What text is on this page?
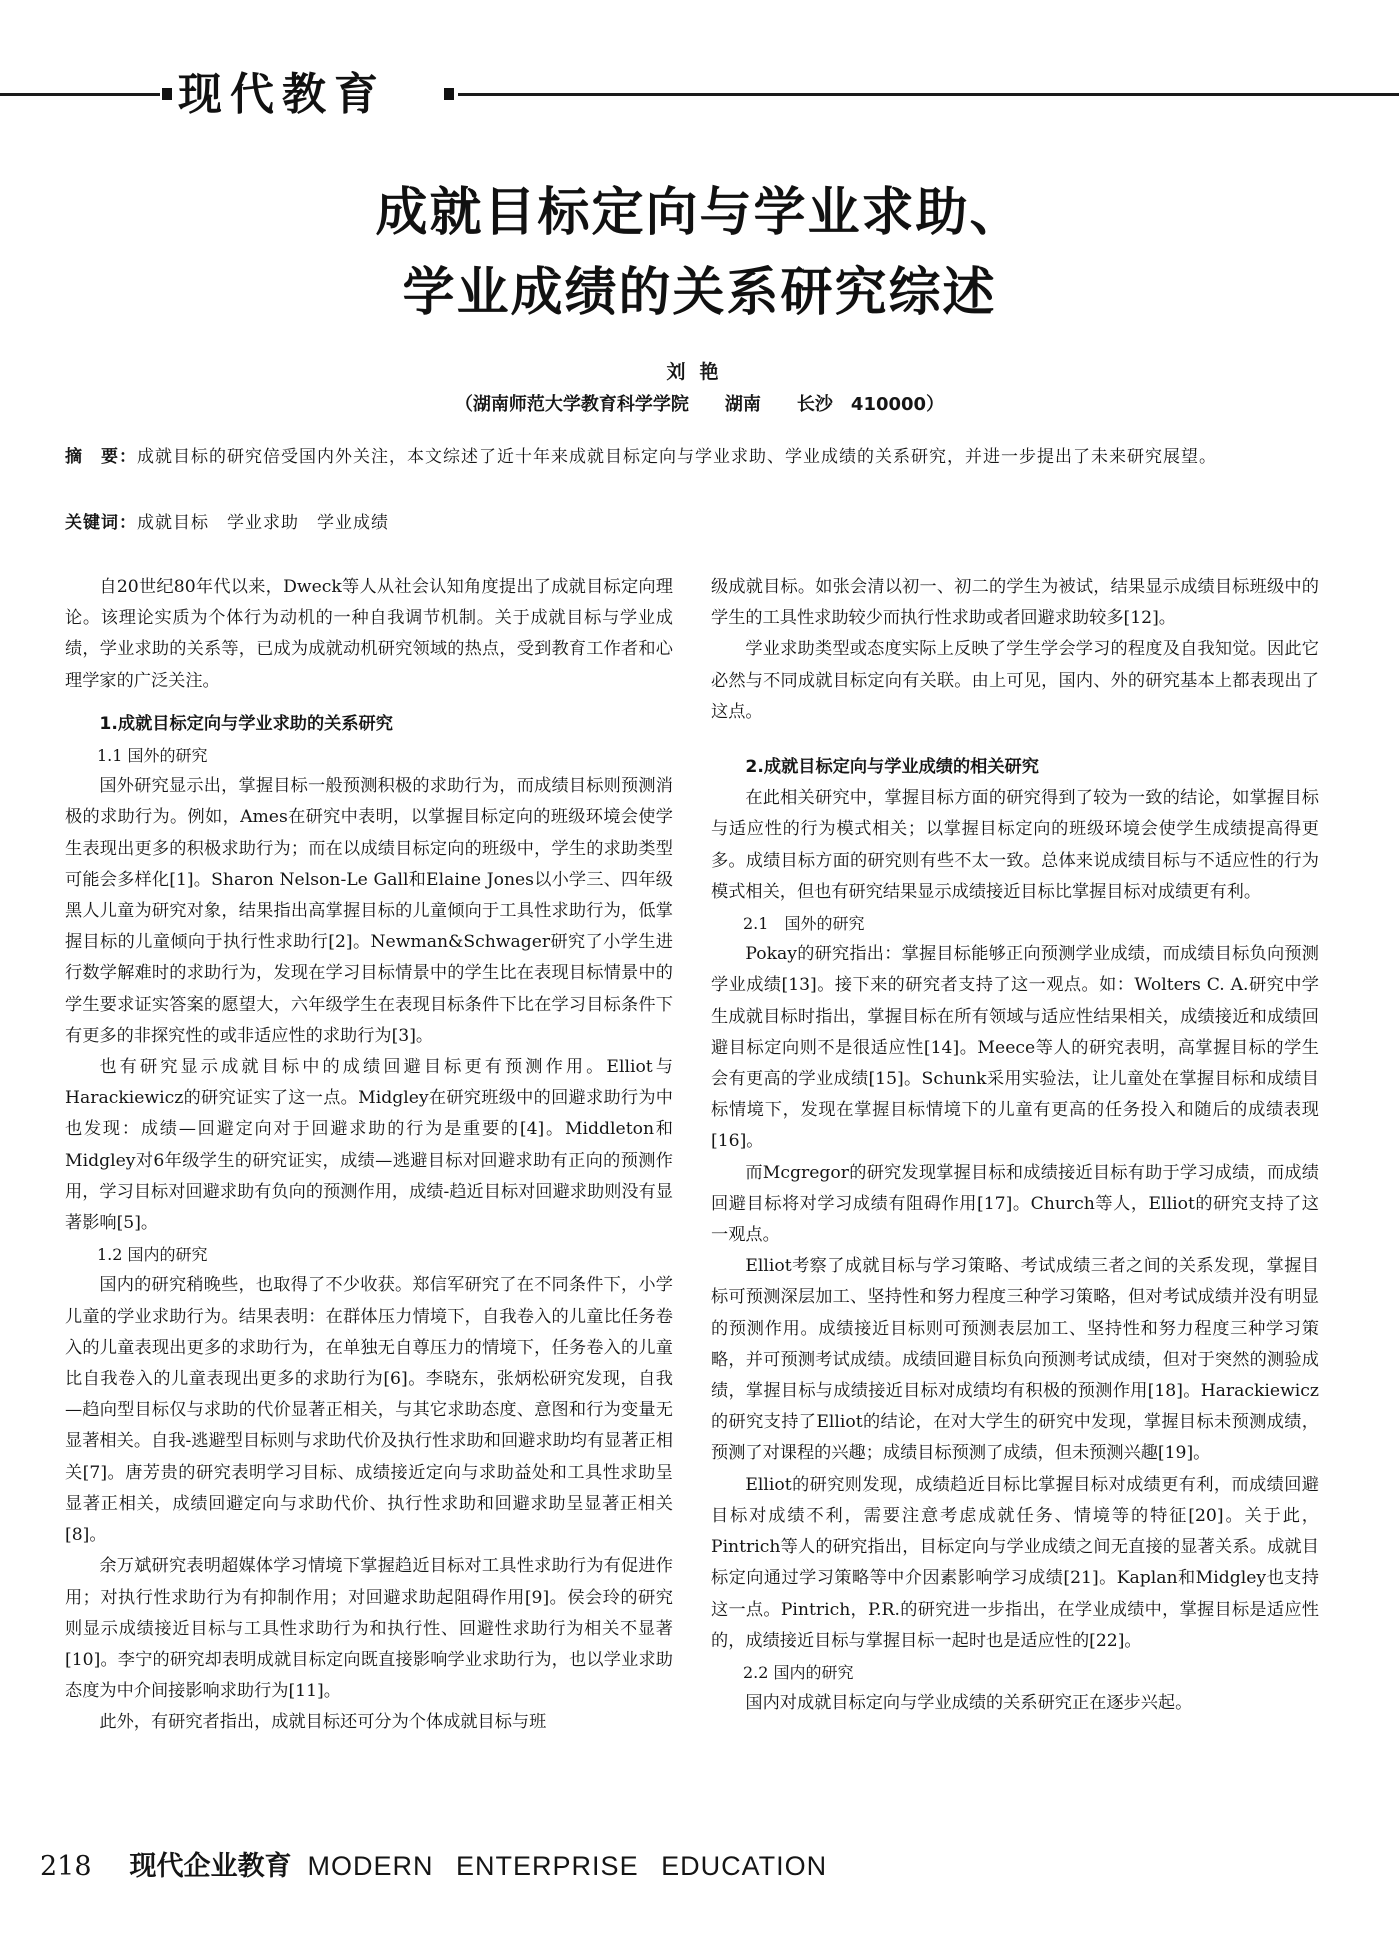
现代教育
成就目标定向与学业求助、
学业成绩的关系研究综述
刘艳
（湖南师范大学教育科学学院　　湖南　　长沙　410000）
摘　要：成就目标的研究倍受国内外关注，本文综述了近十年来成就目标定向与学业求助、学业成绩的关系研究，并进一步提出了未来研究展望。
关键词：成就目标　学业求助　学业成绩

自20世纪80年代以来，Dweck等人从社会认知角度提出了成就目标定向理论。该理论实质为个体行为动机的一种自我调节机制。关于成就目标与学业成绩，学业求助的关系等，已成为成就动机研究领域的热点，受到教育工作者和心理学家的广泛关注。

1.成就目标定向与学业求助的关系研究
1.1 国外的研究

国外研究显示出，掌握目标一般预测积极的求助行为，而成绩目标则预测消极的求助行为。例如，Ames在研究中表明，以掌握目标定向的班级环境会使学生表现出更多的积极求助行为；而在以成绩目标定向的班级中，学生的求助类型可能会多样化[1]。Sharon Nelson-Le Gall和Elaine Jones以小学三、四年级黑人儿童为研究对象，结果指出高掌握目标的儿童倾向于工具性求助行为，低掌握目标的儿童倾向于执行性求助行[2]。Newman&Schwager研究了小学生进行数学解难时的求助行为，发现在学习目标情景中的学生比在表现目标情景中的学生要求证实答案的愿望大，六年级学生在表现目标条件下比在学习目标条件下有更多的非探究性的或非适应性的求助行为[3]。

也有研究显示成就目标中的成绩回避目标更有预测作用。Elliot与Harackiewicz的研究证实了这一点。Midgley在研究班级中的回避求助行为中也发现：成绩—回避定向对于回避求助的行为是重要的[4]。Middleton和Midgley对6年级学生的研究证实，成绩—逃避目标对回避求助有正向的预测作用，学习目标对回避求助有负向的预测作用，成绩-趋近目标对回避求助则没有显著影响[5]。

1.2 国内的研究

国内的研究稍晚些，也取得了不少收获。郑信军研究了在不同条件下，小学儿童的学业求助行为。结果表明：在群体压力情境下，自我卷入的儿童比任务卷入的儿童表现出更多的求助行为，在单独无自尊压力的情境下，任务卷入的儿童比自我卷入的儿童表现出更多的求助行为[6]。李晓东，张炳松研究发现，自我—趋向型目标仅与求助的代价显著正相关，与其它求助态度、意图和行为变量无显著相关。自我-逃避型目标则与求助代价及执行性求助和回避求助均有显著正相关[7]。唐芳贵的研究表明学习目标、成绩接近定向与求助益处和工具性求助呈显著正相关，成绩回避定向与求助代价、执行性求助和回避求助呈显著正相关[8]。

余万斌研究表明超媒体学习情境下掌握趋近目标对工具性求助行为有促进作用；对执行性求助行为有抑制作用；对回避求助起阻碍作用[9]。侯会玲的研究则显示成绩接近目标与工具性求助行为和执行性、回避性求助行为相关不显著[10]。李宁的研究却表明成就目标定向既直接影响学业求助行为，也以学业求助态度为中介间接影响求助行为[11]。

此外，有研究者指出，成就目标还可分为个体成就目标与班

级成就目标。如张会清以初一、初二的学生为被试，结果显示成绩目标班级中的学生的工具性求助较少而执行性求助或者回避求助较多[12]。

学业求助类型或态度实际上反映了学生学会学习的程度及自我知觉。因此它必然与不同成就目标定向有关联。由上可见，国内、外的研究基本上都表现出了这点。

2.成就目标定向与学业成绩的相关研究

在此相关研究中，掌握目标方面的研究得到了较为一致的结论，如掌握目标与适应性的行为模式相关；以掌握目标定向的班级环境会使学生成绩提高得更多。成绩目标方面的研究则有些不太一致。总体来说成绩目标与不适应性的行为模式相关，但也有研究结果显示成绩接近目标比掌握目标对成绩更有利。

2.1　国外的研究

Pokay的研究指出：掌握目标能够正向预测学业成绩，而成绩目标负向预测学业成绩[13]。接下来的研究者支持了这一观点。如：Wolters C. A.研究中学生成就目标时指出，掌握目标在所有领域与适应性结果相关，成绩接近和成绩回避目标定向则不是很适应性[14]。Meece等人的研究表明，高掌握目标的学生会有更高的学业成绩[15]。Schunk采用实验法，让儿童处在掌握目标和成绩目标情境下，发现在掌握目标情境下的儿童有更高的任务投入和随后的成绩表现[16]。

而Mcgregor的研究发现掌握目标和成绩接近目标有助于学习成绩，而成绩回避目标将对学习成绩有阻碍作用[17]。Church等人，Elliot的研究支持了这一观点。

Elliot考察了成就目标与学习策略、考试成绩三者之间的关系发现，掌握目标可预测深层加工、坚持性和努力程度三种学习策略，但对考试成绩并没有明显的预测作用。成绩接近目标则可预测表层加工、坚持性和努力程度三种学习策略，并可预测考试成绩。成绩回避目标负向预测考试成绩，但对于突然的测验成绩，掌握目标与成绩接近目标对成绩均有积极的预测作用[18]。Harackiewicz的研究支持了Elliot的结论，在对大学生的研究中发现，掌握目标未预测成绩，预测了对课程的兴趣；成绩目标预测了成绩，但未预测兴趣[19]。

Elliot的研究则发现，成绩趋近目标比掌握目标对成绩更有利，而成绩回避目标对成绩不利，需要注意考虑成就任务、情境等的特征[20]。关于此，Pintrich等人的研究指出，目标定向与学业成绩之间无直接的显著关系。成就目标定向通过学习策略等中介因素影响学习成绩[21]。Kaplan和Midgley也支持这一点。Pintrich，P.R.的研究进一步指出，在学业成绩中，掌握目标是适应性的，成绩接近目标与掌握目标一起时也是适应性的[22]。

2.2 国内的研究

国内对成就目标定向与学业成绩的关系研究正在逐步兴起。

218 现代企业教育 MODERN ENTERPRISE EDUCATION
